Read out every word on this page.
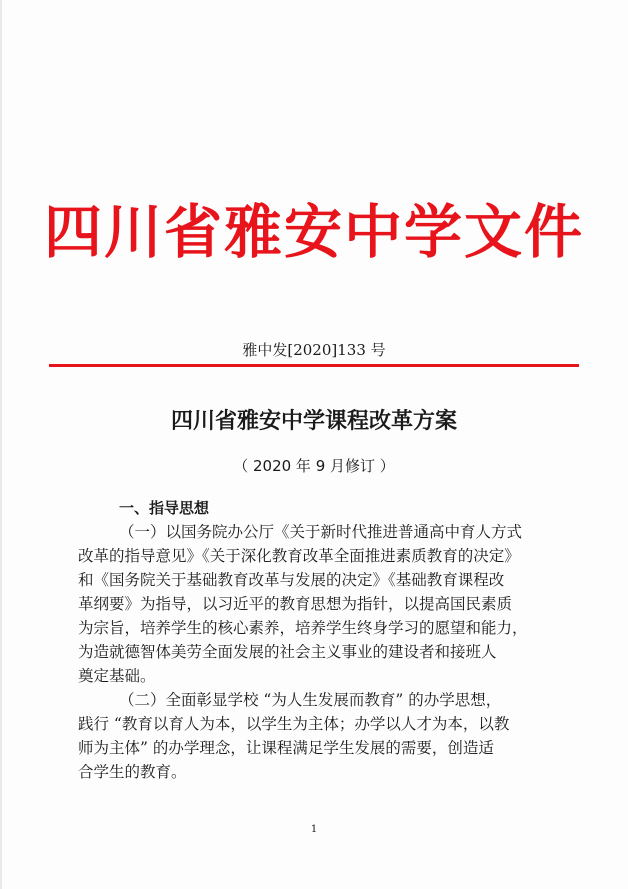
四川省雅安中学文件
雅中发[2020]133 号
四川省雅安中学课程改革方案
（ 2020 年 9 月修订 ）
一、指导思想
（一）以国务院办公厅《关于新时代推进普通高中育人方式
改革的指导意见》《关于深化教育改革全面推进素质教育的决定》
和《国务院关于基础教育改革与发展的决定》《基础教育课程改
革纲要》为指导，以习近平的教育思想为指针，以提高国民素质
为宗旨，培养学生的核心素养，培养学生终身学习的愿望和能力，
为造就德智体美劳全面发展的社会主义事业的建设者和接班人
奠定基础。
（二）全面彰显学校 “为人生发展而教育” 的办学思想，
践行 “教育以育人为本，以学生为主体；办学以人才为本，以教
师为主体” 的办学理念，让课程满足学生发展的需要，创造适
合学生的教育。
1
